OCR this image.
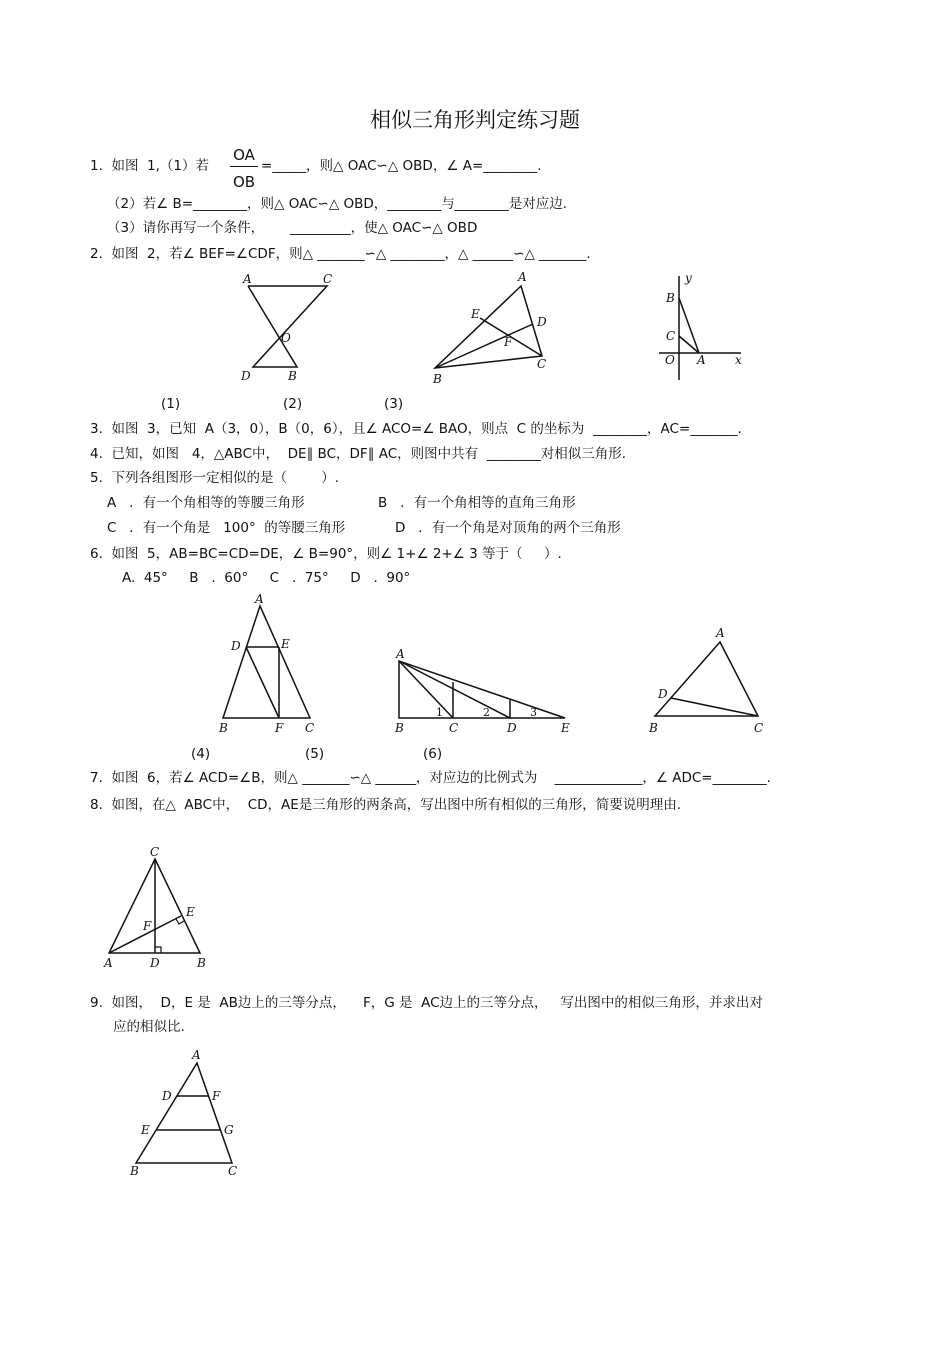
相似三角形判定练习题
1.  如图  1,（1）若
OA
OB
=_____，则△ OAC∽△ OBD，∠ A=________.
（2）若∠ B=________，则△ OAC∽△ OBD，________与________是对应边.
（3）请你再写一个条件，      _________，使△ OAC∽△ OBD
2.  如图  2，若∠ BEF=∠CDF，则△ _______∽△ ________，△ ______∽△ _______.
A	C
O
D	B
A
E
D
F
B
C
y
B
C
O A x
(1)	(2)	(3)
3.  如图  3，已知  A（3，0），B（0，6），且∠ ACO=∠ BAO，则点  C 的坐标为  ________，AC=_______.
4.  已知，如图   4，△ABC中，  DE∥ BC，DF∥ AC，则图中共有  ________对相似三角形.
5.  下列各组图形一定相似的是（        ）.
A   ．有一个角相等的等腰三角形	B   ．有一个角相等的直角三角形
C   ．有一个角是   100°  的等腰三角形	D   ．有一个角是对顶角的两个三角形
6.  如图  5，AB=BC=CD=DE，∠ B=90°，则∠ 1+∠ 2+∠ 3 等于（     ）.
A.  45°     B   .  60°     C   .  75°     D   .  90°
A
D	E
B	F C
A
B	C	D	E
1	2	3
A
D
B	C
(4)	(5)	(6)
7.  如图  6，若∠ ACD=∠B，则△ _______∽△ ______，对应边的比例式为    _____________，∠ ADC=________.
8.  如图，在△  ABC中，  CD，AE是三角形的两条高，写出图中所有相似的三角形，简要说明理由.
C
E
F
A	D	B
9.  如图，  D，E 是  AB边上的三等分点，    F，G 是  AC边上的三等分点，   写出图中的相似三角形，并求出对
应的相似比.
A
D	F
E	G
B	C
